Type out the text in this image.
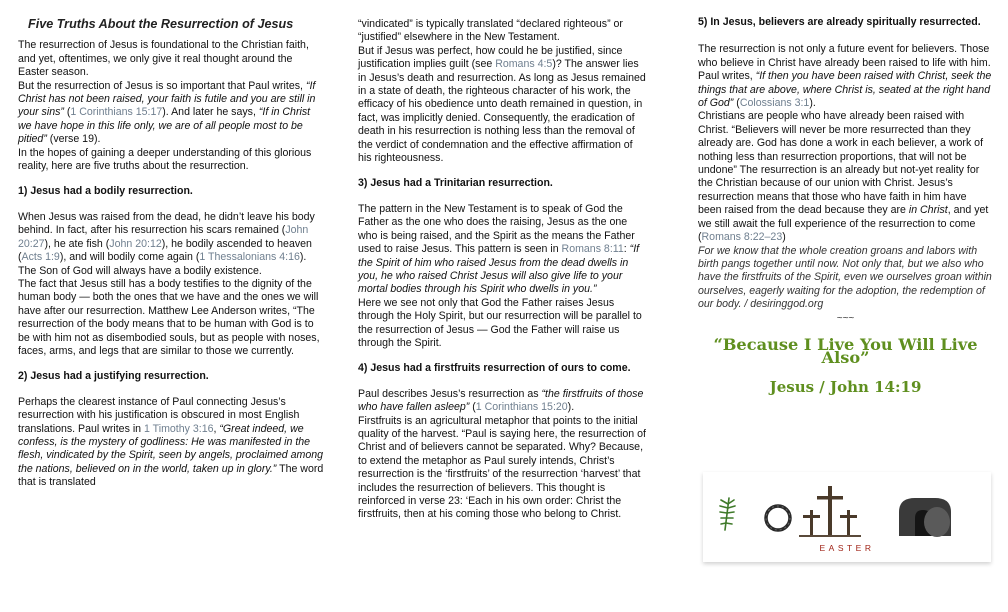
Five Truths About the Resurrection of Jesus

The resurrection of Jesus is foundational to the Christian faith, and yet, oftentimes, we only give it real thought around the Easter season.

But the resurrection of Jesus is so important that Paul writes, “If Christ has not been raised, your faith is futile and you are still in your sins” (1 Corinthians 15:17). And later he says, “If in Christ we have hope in this life only, we are of all people most to be pitied” (verse 19).

In the hopes of gaining a deeper understanding of this glorious reality, here are five truths about the resurrection.

1) Jesus had a bodily resurrection.

When Jesus was raised from the dead, he didn’t leave his body behind. In fact, after his resurrection his scars remained (John 20:27), he ate fish (John 20:12), he bodily ascended to heaven (Acts 1:9), and will bodily come again (1 Thessalonians 4:16). The Son of God will always have a bodily existence.

The fact that Jesus still has a body testifies to the dignity of the human body — both the ones that we have and the ones we will have after our resurrection. Matthew Lee Anderson writes, “The resurrection of the body means that to be human with God is to be with him not as disembodied souls, but as people with noses, faces, arms, and legs that are similar to those we currently.

2) Jesus had a justifying resurrection.

Perhaps the clearest instance of Paul connecting Jesus’s resurrection with his justification is obscured in most English translations. Paul writes in 1 Timothy 3:16, “Great indeed, we confess, is the mystery of godliness: He was manifested in the flesh, vindicated by the Spirit, seen by angels, proclaimed among the nations, believed on in the world, taken up in glory.” The word that is translated

“vindicated” is typically translated “declared righteous” or “justified” elsewhere in the New Testament.

But if Jesus was perfect, how could he be justified, since justification implies guilt (see Romans 4:5)? The answer lies in Jesus’s death and resurrection. As long as Jesus remained in a state of death, the righteous character of his work, the efficacy of his obedience unto death remained in question, in fact, was implicitly denied. Consequently, the eradication of death in his resurrection is nothing less than the removal of the verdict of condemnation and the effective affirmation of his righteousness.

3) Jesus had a Trinitarian resurrection.

The pattern in the New Testament is to speak of God the Father as the one who does the raising, Jesus as the one who is being raised, and the Spirit as the means the Father used to raise Jesus. This pattern is seen in Romans 8:11: “If the Spirit of him who raised Jesus from the dead dwells in you, he who raised Christ Jesus will also give life to your mortal bodies through his Spirit who dwells in you.”

Here we see not only that God the Father raises Jesus through the Holy Spirit, but our resurrection will be parallel to the resurrection of Jesus — God the Father will raise us through the Spirit.

4) Jesus had a firstfruits resurrection of ours to come.

Paul describes Jesus’s resurrection as “the firstfruits of those who have fallen asleep” (1 Corinthians 15:20).

Firstfruits is an agricultural metaphor that points to the initial quality of the harvest. “Paul is saying here, the resurrection of Christ and of believers cannot be separated. Why? Because, to extend the metaphor as Paul surely intends, Christ’s resurrection is the ‘firstfruits’ of the resurrection ‘harvest’ that includes the resurrection of believers. This thought is reinforced in verse 23: ‘Each in his own order: Christ the firstfruits, then at his coming those who belong to Christ.

5) In Jesus, believers are already spiritually resurrected.

The resurrection is not only a future event for believers. Those who believe in Christ have already been raised to life with him. Paul writes, “If then you have been raised with Christ, seek the things that are above, where Christ is, seated at the right hand of God” (Colossians 3:1).

Christians are people who have already been raised with Christ. “Believers will never be more resurrected than they already are. God has done a work in each believer, a work of nothing less than resurrection proportions, that will not be undone” The resurrection is an already but not-yet reality for the Christian because of our union with Christ. Jesus’s resurrection means that those who have faith in him have been raised from the dead because they are in Christ, and yet we still await the full experience of the resurrection to come (Romans 8:22–23)

For we know that the whole creation groans and labors with birth pangs together until now. Not only that, but we also who have the firstfruits of the Spirit, even we ourselves groan within ourselves, eagerly waiting for the adoption, the redemption of our body. / desiringgod.org

~~~
“Because I Live You Will Live Also”
Jesus / John 14:19
EASTER
